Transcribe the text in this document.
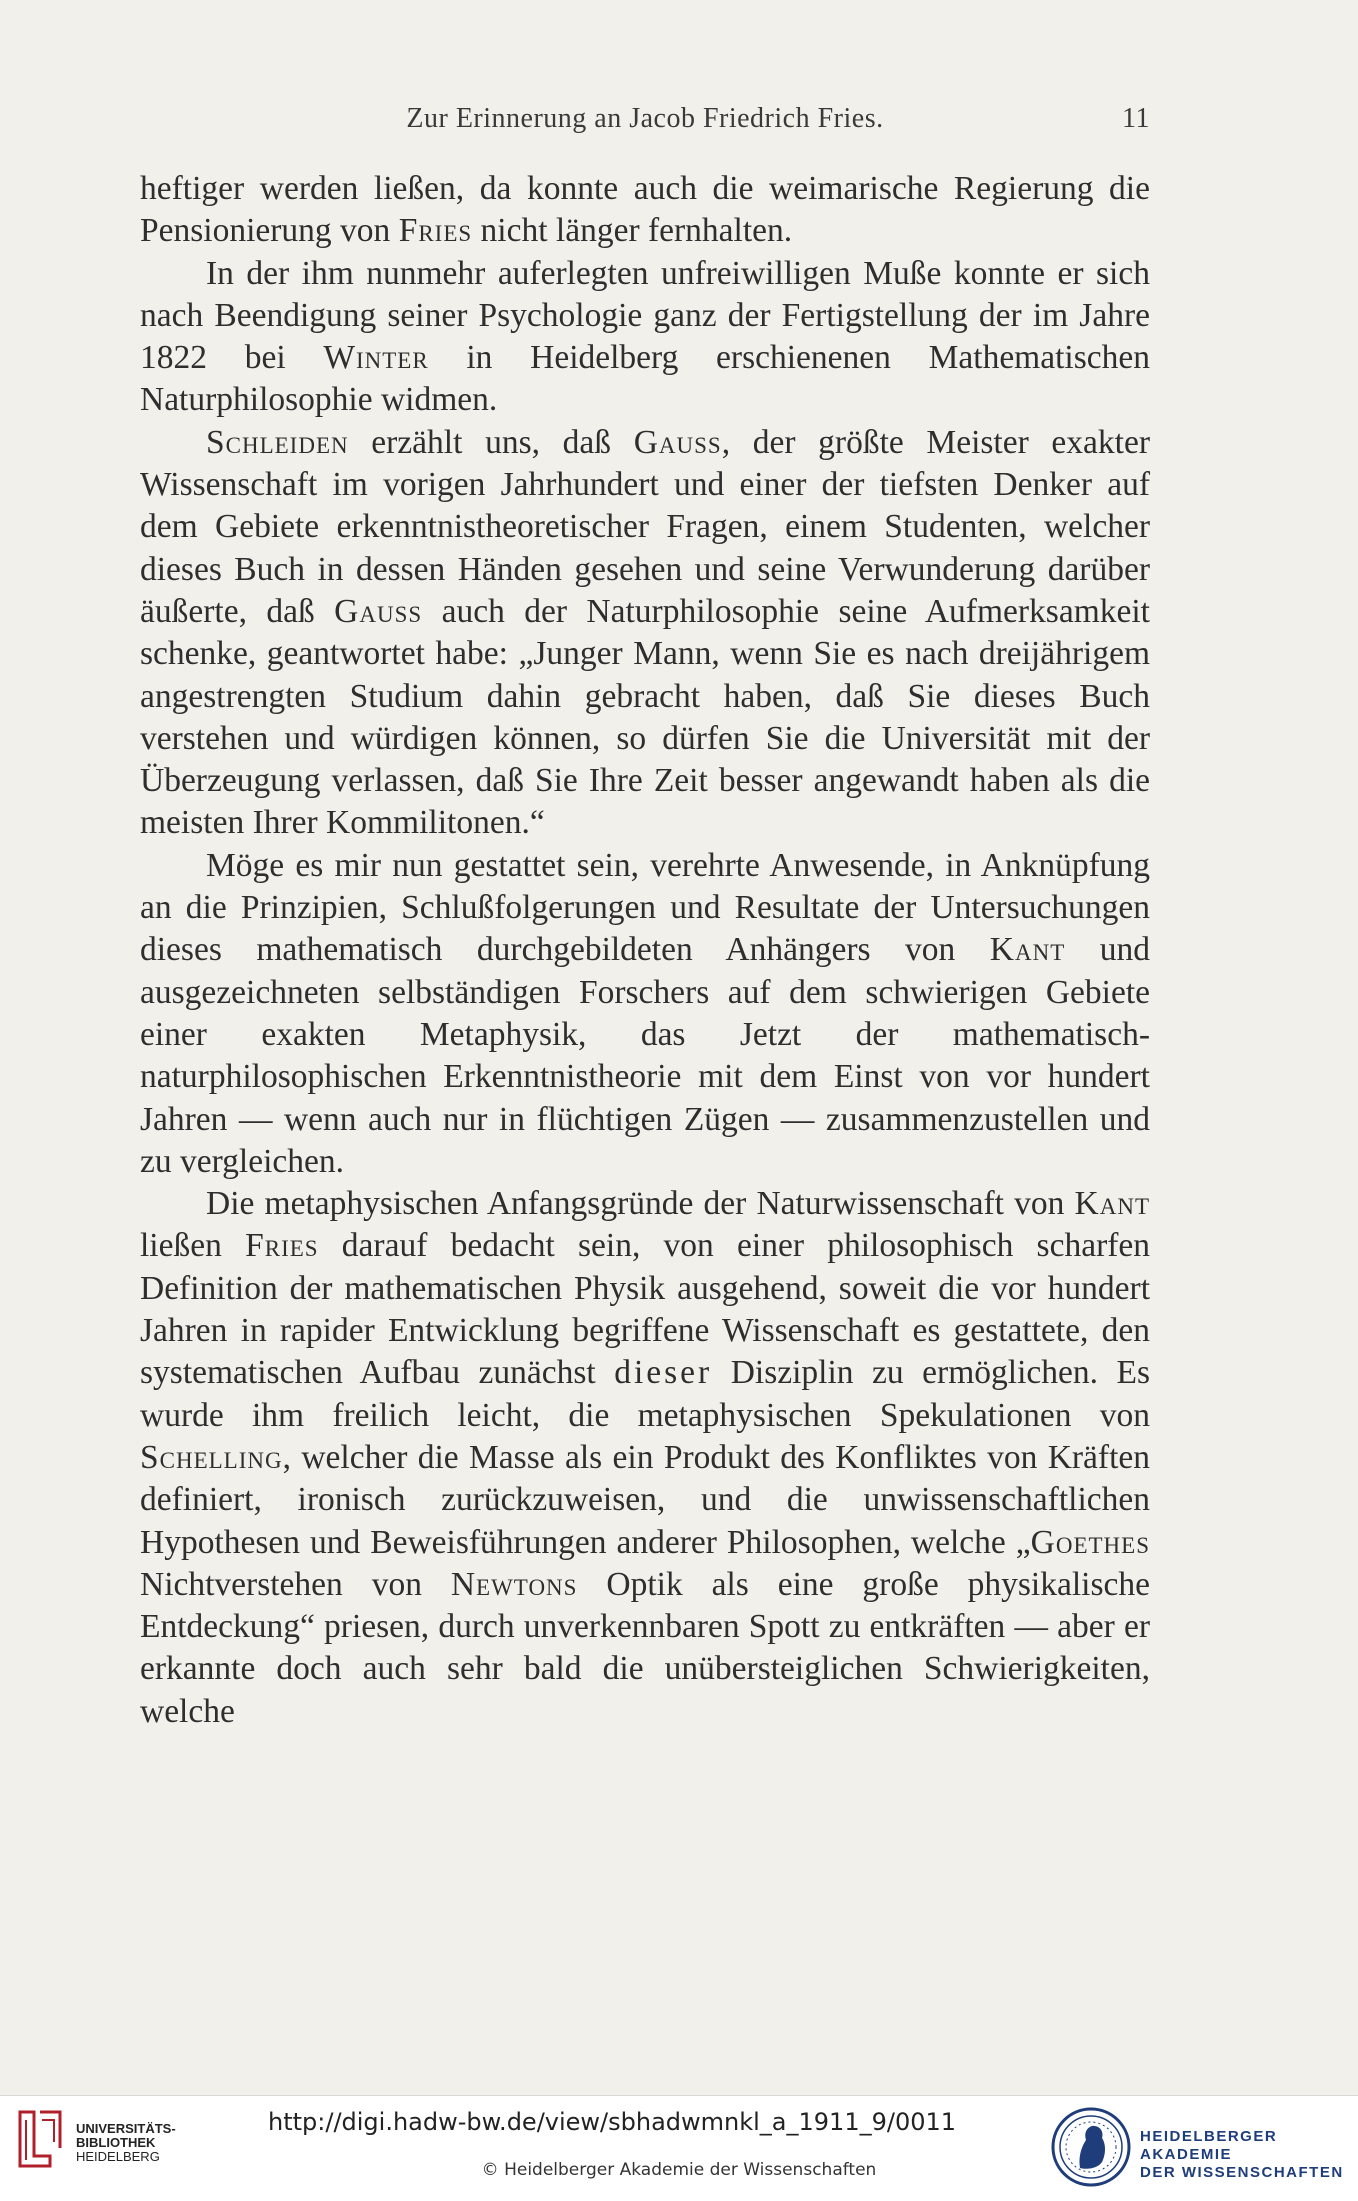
Zur Erinnerung an Jacob Friedrich Fries.	11

heftiger werden ließen, da konnte auch die weimarische Regierung die Pensionierung von Fries nicht länger fernhalten.

In der ihm nunmehr auferlegten unfreiwilligen Muße konnte er sich nach Beendigung seiner Psychologie ganz der Fertigstellung der im Jahre 1822 bei Winter in Heidelberg erschienenen Mathematischen Naturphilosophie widmen.

Schleiden erzählt uns, daß Gauss, der größte Meister exakter Wissenschaft im vorigen Jahrhundert und einer der tiefsten Denker auf dem Gebiete erkenntnistheoretischer Fragen, einem Studenten, welcher dieses Buch in dessen Händen gesehen und seine Verwunderung darüber äußerte, daß Gauss auch der Naturphilosophie seine Aufmerksamkeit schenke, geantwortet habe: „Junger Mann, wenn Sie es nach dreijährigem angestrengten Studium dahin gebracht haben, daß Sie dieses Buch verstehen und würdigen können, so dürfen Sie die Universität mit der Überzeugung verlassen, daß Sie Ihre Zeit besser angewandt haben als die meisten Ihrer Kommilitonen.“

Möge es mir nun gestattet sein, verehrte Anwesende, in Anknüpfung an die Prinzipien, Schlußfolgerungen und Resultate der Untersuchungen dieses mathematisch durchgebildeten Anhängers von Kant und ausgezeichneten selbständigen Forschers auf dem schwierigen Gebiete einer exakten Metaphysik, das Jetzt der mathematisch-naturphilosophischen Erkenntnistheorie mit dem Einst von vor hundert Jahren — wenn auch nur in flüchtigen Zügen — zusammenzustellen und zu vergleichen.

Die metaphysischen Anfangsgründe der Naturwissenschaft von Kant ließen Fries darauf bedacht sein, von einer philosophisch scharfen Definition der mathematischen Physik ausgehend, soweit die vor hundert Jahren in rapider Entwicklung begriffene Wissenschaft es gestattete, den systematischen Aufbau zunächst dieser Disziplin zu ermöglichen. Es wurde ihm freilich leicht, die metaphysischen Spekulationen von Schelling, welcher die Masse als ein Produkt des Konfliktes von Kräften definiert, ironisch zurückzuweisen, und die unwissenschaftlichen Hypothesen und Beweisführungen anderer Philosophen, welche „Goethes Nichtverstehen von Newtons Optik als eine große physikalische Entdeckung“ priesen, durch unverkennbaren Spott zu entkräften — aber er erkannte doch auch sehr bald die unübersteiglichen Schwierigkeiten, welche

UNIVERSITÄTS-
BIBLIOTHEK
HEIDELBERG
http://digi.hadw-bw.de/view/sbhadwmnkl_a_1911_9/0011
© Heidelberger Akademie der Wissenschaften
HEIDELBERGER AKADEMIE
DER WISSENSCHAFTEN
